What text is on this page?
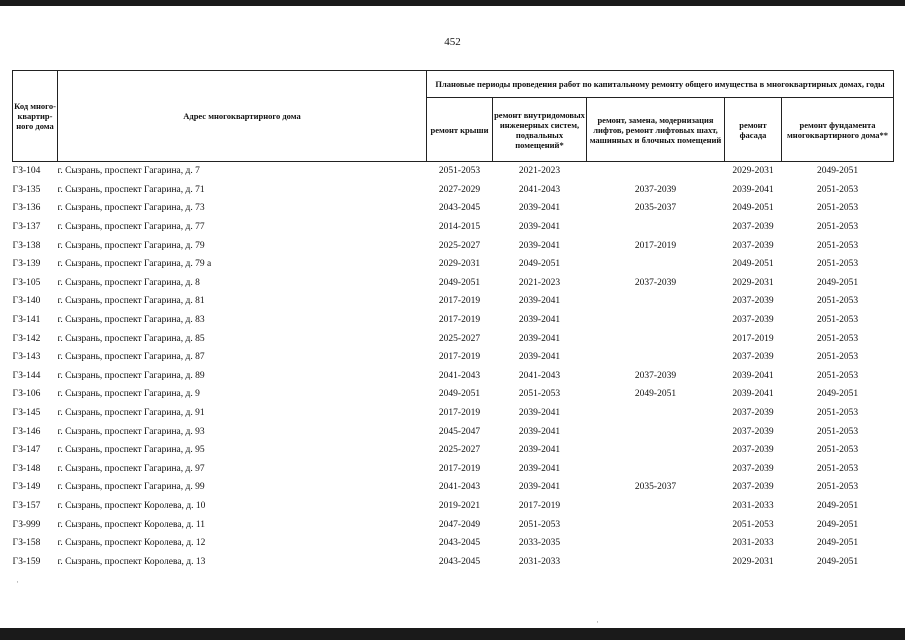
452
Код много-квартир-ного дома	Адрес многоквартирного дома	Плановые периоды проведения работ по капитальному ремонту общего имущества в многоквартирных домах, годы				
		ремонт крыши	ремонт внутридомовых инженерных систем, подвальных помещений*	ремонт, замена, модернизация лифтов, ремонт лифтовых шахт, машинных и блочных помещений	ремонт фасада	ремонт фундамента многоквартирного дома**
ГЗ-104	г. Сызрань, проспект Гагарина, д. 7	2051-2053	2021-2023		2029-2031	2049-2051
ГЗ-135	г. Сызрань, проспект Гагарина, д. 71	2027-2029	2041-2043	2037-2039	2039-2041	2051-2053
ГЗ-136	г. Сызрань, проспект Гагарина, д. 73	2043-2045	2039-2041	2035-2037	2049-2051	2051-2053
ГЗ-137	г. Сызрань, проспект Гагарина, д. 77	2014-2015	2039-2041		2037-2039	2051-2053
ГЗ-138	г. Сызрань, проспект Гагарина, д. 79	2025-2027	2039-2041	2017-2019	2037-2039	2051-2053
ГЗ-139	г. Сызрань, проспект Гагарина, д. 79 а	2029-2031	2049-2051		2049-2051	2051-2053
ГЗ-105	г. Сызрань, проспект Гагарина, д. 8	2049-2051	2021-2023	2037-2039	2029-2031	2049-2051
ГЗ-140	г. Сызрань, проспект Гагарина, д. 81	2017-2019	2039-2041		2037-2039	2051-2053
ГЗ-141	г. Сызрань, проспект Гагарина, д. 83	2017-2019	2039-2041		2037-2039	2051-2053
ГЗ-142	г. Сызрань, проспект Гагарина, д. 85	2025-2027	2039-2041		2017-2019	2051-2053
ГЗ-143	г. Сызрань, проспект Гагарина, д. 87	2017-2019	2039-2041		2037-2039	2051-2053
ГЗ-144	г. Сызрань, проспект Гагарина, д. 89	2041-2043	2041-2043	2037-2039	2039-2041	2051-2053
ГЗ-106	г. Сызрань, проспект Гагарина, д. 9	2049-2051	2051-2053	2049-2051	2039-2041	2049-2051
ГЗ-145	г. Сызрань, проспект Гагарина, д. 91	2017-2019	2039-2041		2037-2039	2051-2053
ГЗ-146	г. Сызрань, проспект Гагарина, д. 93	2045-2047	2039-2041		2037-2039	2051-2053
ГЗ-147	г. Сызрань, проспект Гагарина, д. 95	2025-2027	2039-2041		2037-2039	2051-2053
ГЗ-148	г. Сызрань, проспект Гагарина, д. 97	2017-2019	2039-2041		2037-2039	2051-2053
ГЗ-149	г. Сызрань, проспект Гагарина, д. 99	2041-2043	2039-2041	2035-2037	2037-2039	2051-2053
ГЗ-157	г. Сызрань, проспект Королева, д. 10	2019-2021	2017-2019		2031-2033	2049-2051
ГЗ-999	г. Сызрань, проспект Королева, д. 11	2047-2049	2051-2053		2051-2053	2049-2051
ГЗ-158	г. Сызрань, проспект Королева, д. 12	2043-2045	2033-2035		2031-2033	2049-2051
ГЗ-159	г. Сызрань, проспект Королева, д. 13	2043-2045	2031-2033		2029-2031	2049-2051
·
·
